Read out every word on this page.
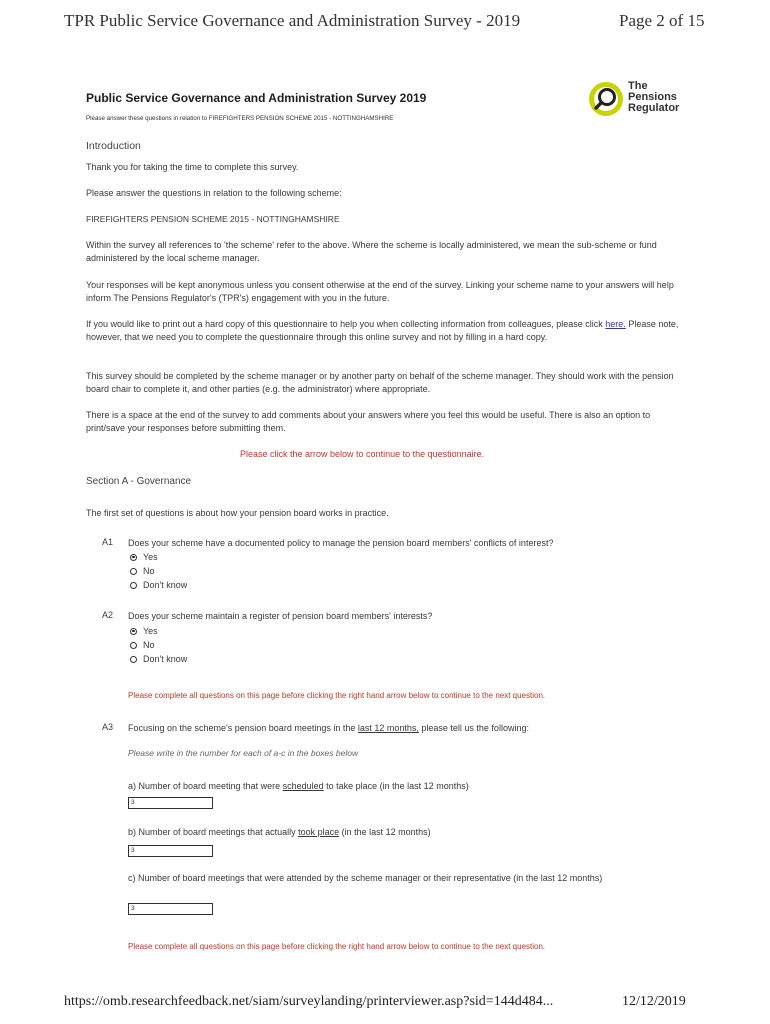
TPR Public Service Governance and Administration Survey - 2019	Page 2 of 15
Public Service Governance and Administration Survey 2019
Please answer these questions in relation to FIREFIGHTERS PENSION SCHEME 2015 - NOTTINGHAMSHIRE
The
Pensions
Regulator
Introduction
Thank you for taking the time to complete this survey.
Please answer the questions in relation to the following scheme:
FIREFIGHTERS PENSION SCHEME 2015 - NOTTINGHAMSHIRE
Within the survey all references to 'the scheme' refer to the above. Where the scheme is locally administered, we mean the sub-scheme or fund administered by the local scheme manager.
Your responses will be kept anonymous unless you consent otherwise at the end of the survey. Linking your scheme name to your answers will help inform The Pensions Regulator's (TPR's) engagement with you in the future.
If you would like to print out a hard copy of this questionnaire to help you when collecting information from colleagues, please click here. Please note, however, that we need you to complete the questionnaire through this online survey and not by filling in a hard copy.
This survey should be completed by the scheme manager or by another party on behalf of the scheme manager. They should work with the pension board chair to complete it, and other parties (e.g. the administrator) where appropriate.
There is a space at the end of the survey to add comments about your answers where you feel this would be useful. There is also an option to print/save your responses before submitting them.
Please click the arrow below to continue to the questionnaire.
Section A - Governance
The first set of questions is about how your pension board works in practice.
A1 Does your scheme have a documented policy to manage the pension board members' conflicts of interest?
Yes
No
Don't know
A2 Does your scheme maintain a register of pension board members' interests?
Yes
No
Don't know
Please complete all questions on this page before clicking the right hand arrow below to continue to the next question.
A3 Focusing on the scheme's pension board meetings in the last 12 months, please tell us the following:
Please write in the number for each of a-c in the boxes below
a) Number of board meeting that were scheduled to take place (in the last 12 months)
3
b) Number of board meetings that actually took place (in the last 12 months)
3
c) Number of board meetings that were attended by the scheme manager or their representative (in the last 12 months)
3
Please complete all questions on this page before clicking the right hand arrow below to continue to the next question.
https://omb.researchfeedback.net/siam/surveylanding/printerviewer.asp?sid=144d484...	12/12/2019
